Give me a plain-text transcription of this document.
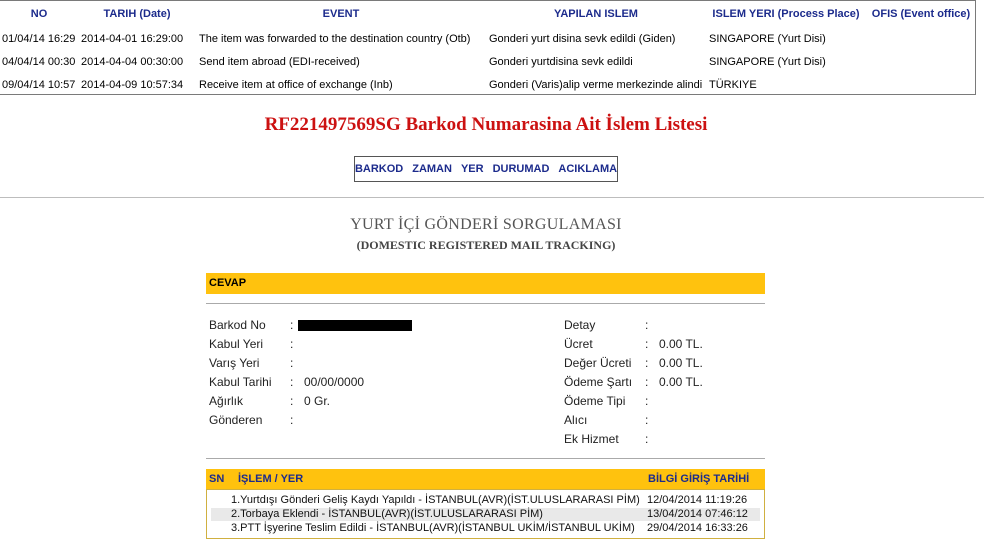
NO	TARIH (Date)	EVENT	YAPILAN ISLEM	ISLEM YERI (Process Place)	OFIS (Event office)
01/04/14 16:29	2014-04-01 16:29:00	The item was forwarded to the destination country (Otb)	Gonderi yurt disina sevk edildi (Giden)	SINGAPORE (Yurt Disi)	
04/04/14 00:30	2014-04-04 00:30:00	Send item abroad (EDI-received)	Gonderi yurtdisina sevk edildi	SINGAPORE (Yurt Disi)	
09/04/14 10:57	2014-04-09 10:57:34	Receive item at office of exchange (Inb)	Gonderi (Varis)alip verme merkezinde alindi	TÜRKIYE	
RF221497569SG Barkod Numarasina Ait İslem Listesi
BARKOD ZAMAN YER DURUMAD ACIKLAMA
YURT İÇİ GÖNDERİ SORGULAMASI
(DOMESTIC REGISTERED MAIL TRACKING)
CEVAP
Barkod No :
Kabul Yeri :
Varış Yeri	:
Kabul Tarihi : 00/00/0000
Ağırlık	: 0 Gr.
Gönderen :
Detay	:
Ücret	: 0.00 TL.
Değer Ücreti : 0.00 TL.
Ödeme Şartı : 0.00 TL.
Ödeme Tipi :
Alıcı	:
Ek Hizmet :
SN İŞLEM / YER	BİLGİ GİRİŞ TARİHİ
1.Yurtdışı Gönderi Geliş Kaydı Yapıldı - İSTANBUL(AVR)(İST.ULUSLARARASI PİM) 12/04/2014 11:19:26
2.Torbaya Eklendi - İSTANBUL(AVR)(İST.ULUSLARARASI PİM)	13/04/2014 07:46:12
3.PTT İşyerine Teslim Edildi - İSTANBUL(AVR)(İSTANBUL UKİM/İSTANBUL UKİM) 29/04/2014 16:33:26
